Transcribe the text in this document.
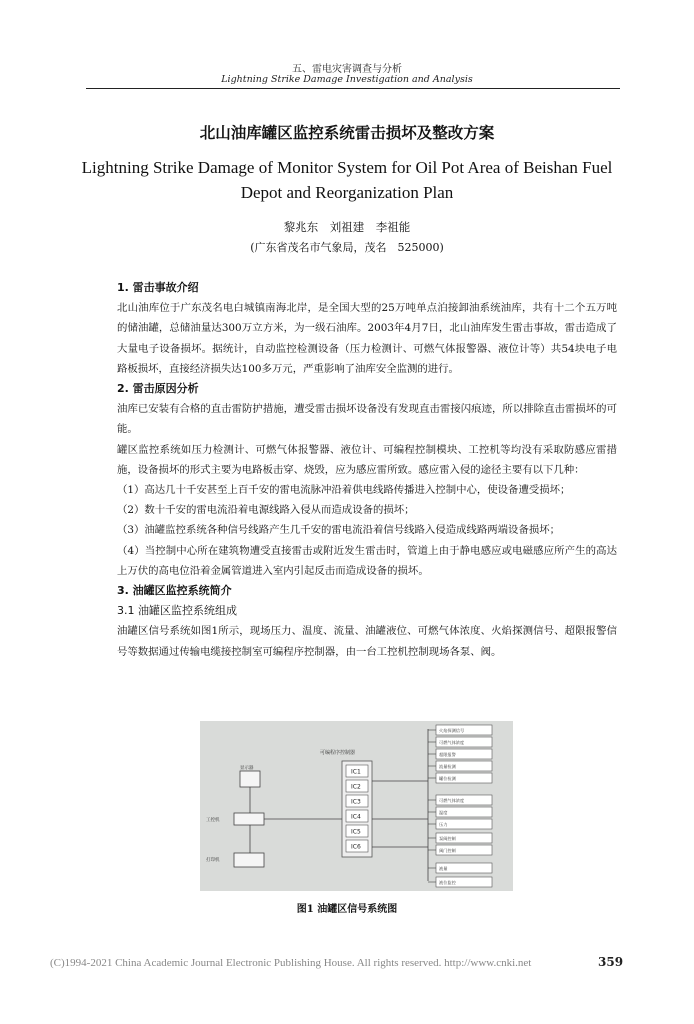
五、雷电灾害调查与分析
Lightning Strike Damage Investigation and Analysis
北山油库罐区监控系统雷击损坏及整改方案
Lightning Strike Damage of Monitor System for Oil Pot Area of Beishan Fuel Depot and Reorganization Plan
黎兆东　刘祖建　李祖能
(广东省茂名市气象局，茂名　525000)

1. 雷击事故介绍

北山油库位于广东茂名电白城镇南海北岸，是全国大型的25万吨单点泊接卸油系统油库，共有十二个五万吨的储油罐，总储油量达300万立方米，为一级石油库。2003年4月7日，北山油库发生雷击事故，雷击造成了大量电子设备损坏。据统计，自动监控检测设备（压力检测计、可燃气体报警器、液位计等）共54块电子电路板损坏，直接经济损失达100多万元，严重影响了油库安全监测的进行。

2. 雷击原因分析

油库已安装有合格的直击雷防护措施，遭受雷击损坏设备没有发现直击雷接闪痕迹，所以排除直击雷损坏的可能。

罐区监控系统如压力检测计、可燃气体报警器、液位计、可编程控制模块、工控机等均没有采取防感应雷措施，设备损坏的形式主要为电路板击穿、烧毁，应为感应雷所致。感应雷入侵的途径主要有以下几种：

（1）高达几十千安甚至上百千安的雷电流脉冲沿着供电线路传播进入控制中心，使设备遭受损坏；

（2）数十千安的雷电流沿着电源线路入侵从而造成设备的损坏；

（3）油罐监控系统各种信号线路产生几千安的雷电流沿着信号线路入侵造成线路两端设备损坏；

（4）当控制中心所在建筑物遭受直接雷击或附近发生雷击时，管道上由于静电感应或电磁感应所产生的高达上万伏的高电位沿着金属管道进入室内引起反击而造成设备的损坏。

3. 油罐区监控系统简介

3.1 油罐区监控系统组成

油罐区信号系统如图1所示，现场压力、温度、流量、油罐液位、可燃气体浓度、火焰探测信号、超限报警信号等数据通过传输电缆接控制室可编程序控制器，由一台工控机控制现场各泵、阀。

可编程序控制器
IC1
IC2
IC3
IC4
IC5
IC6
显示器
工控机
打印机
火焰探测信号
可燃气体浓度
超限报警
流量检测
罐位检测
可燃气体浓度
温度
压力
泵阀控制
阀门控制
液量
液位监控
图1 油罐区信号系统图
(C)1994-2021 China Academic Journal Electronic Publishing House. All rights reserved. http://www.cnki.net	359
